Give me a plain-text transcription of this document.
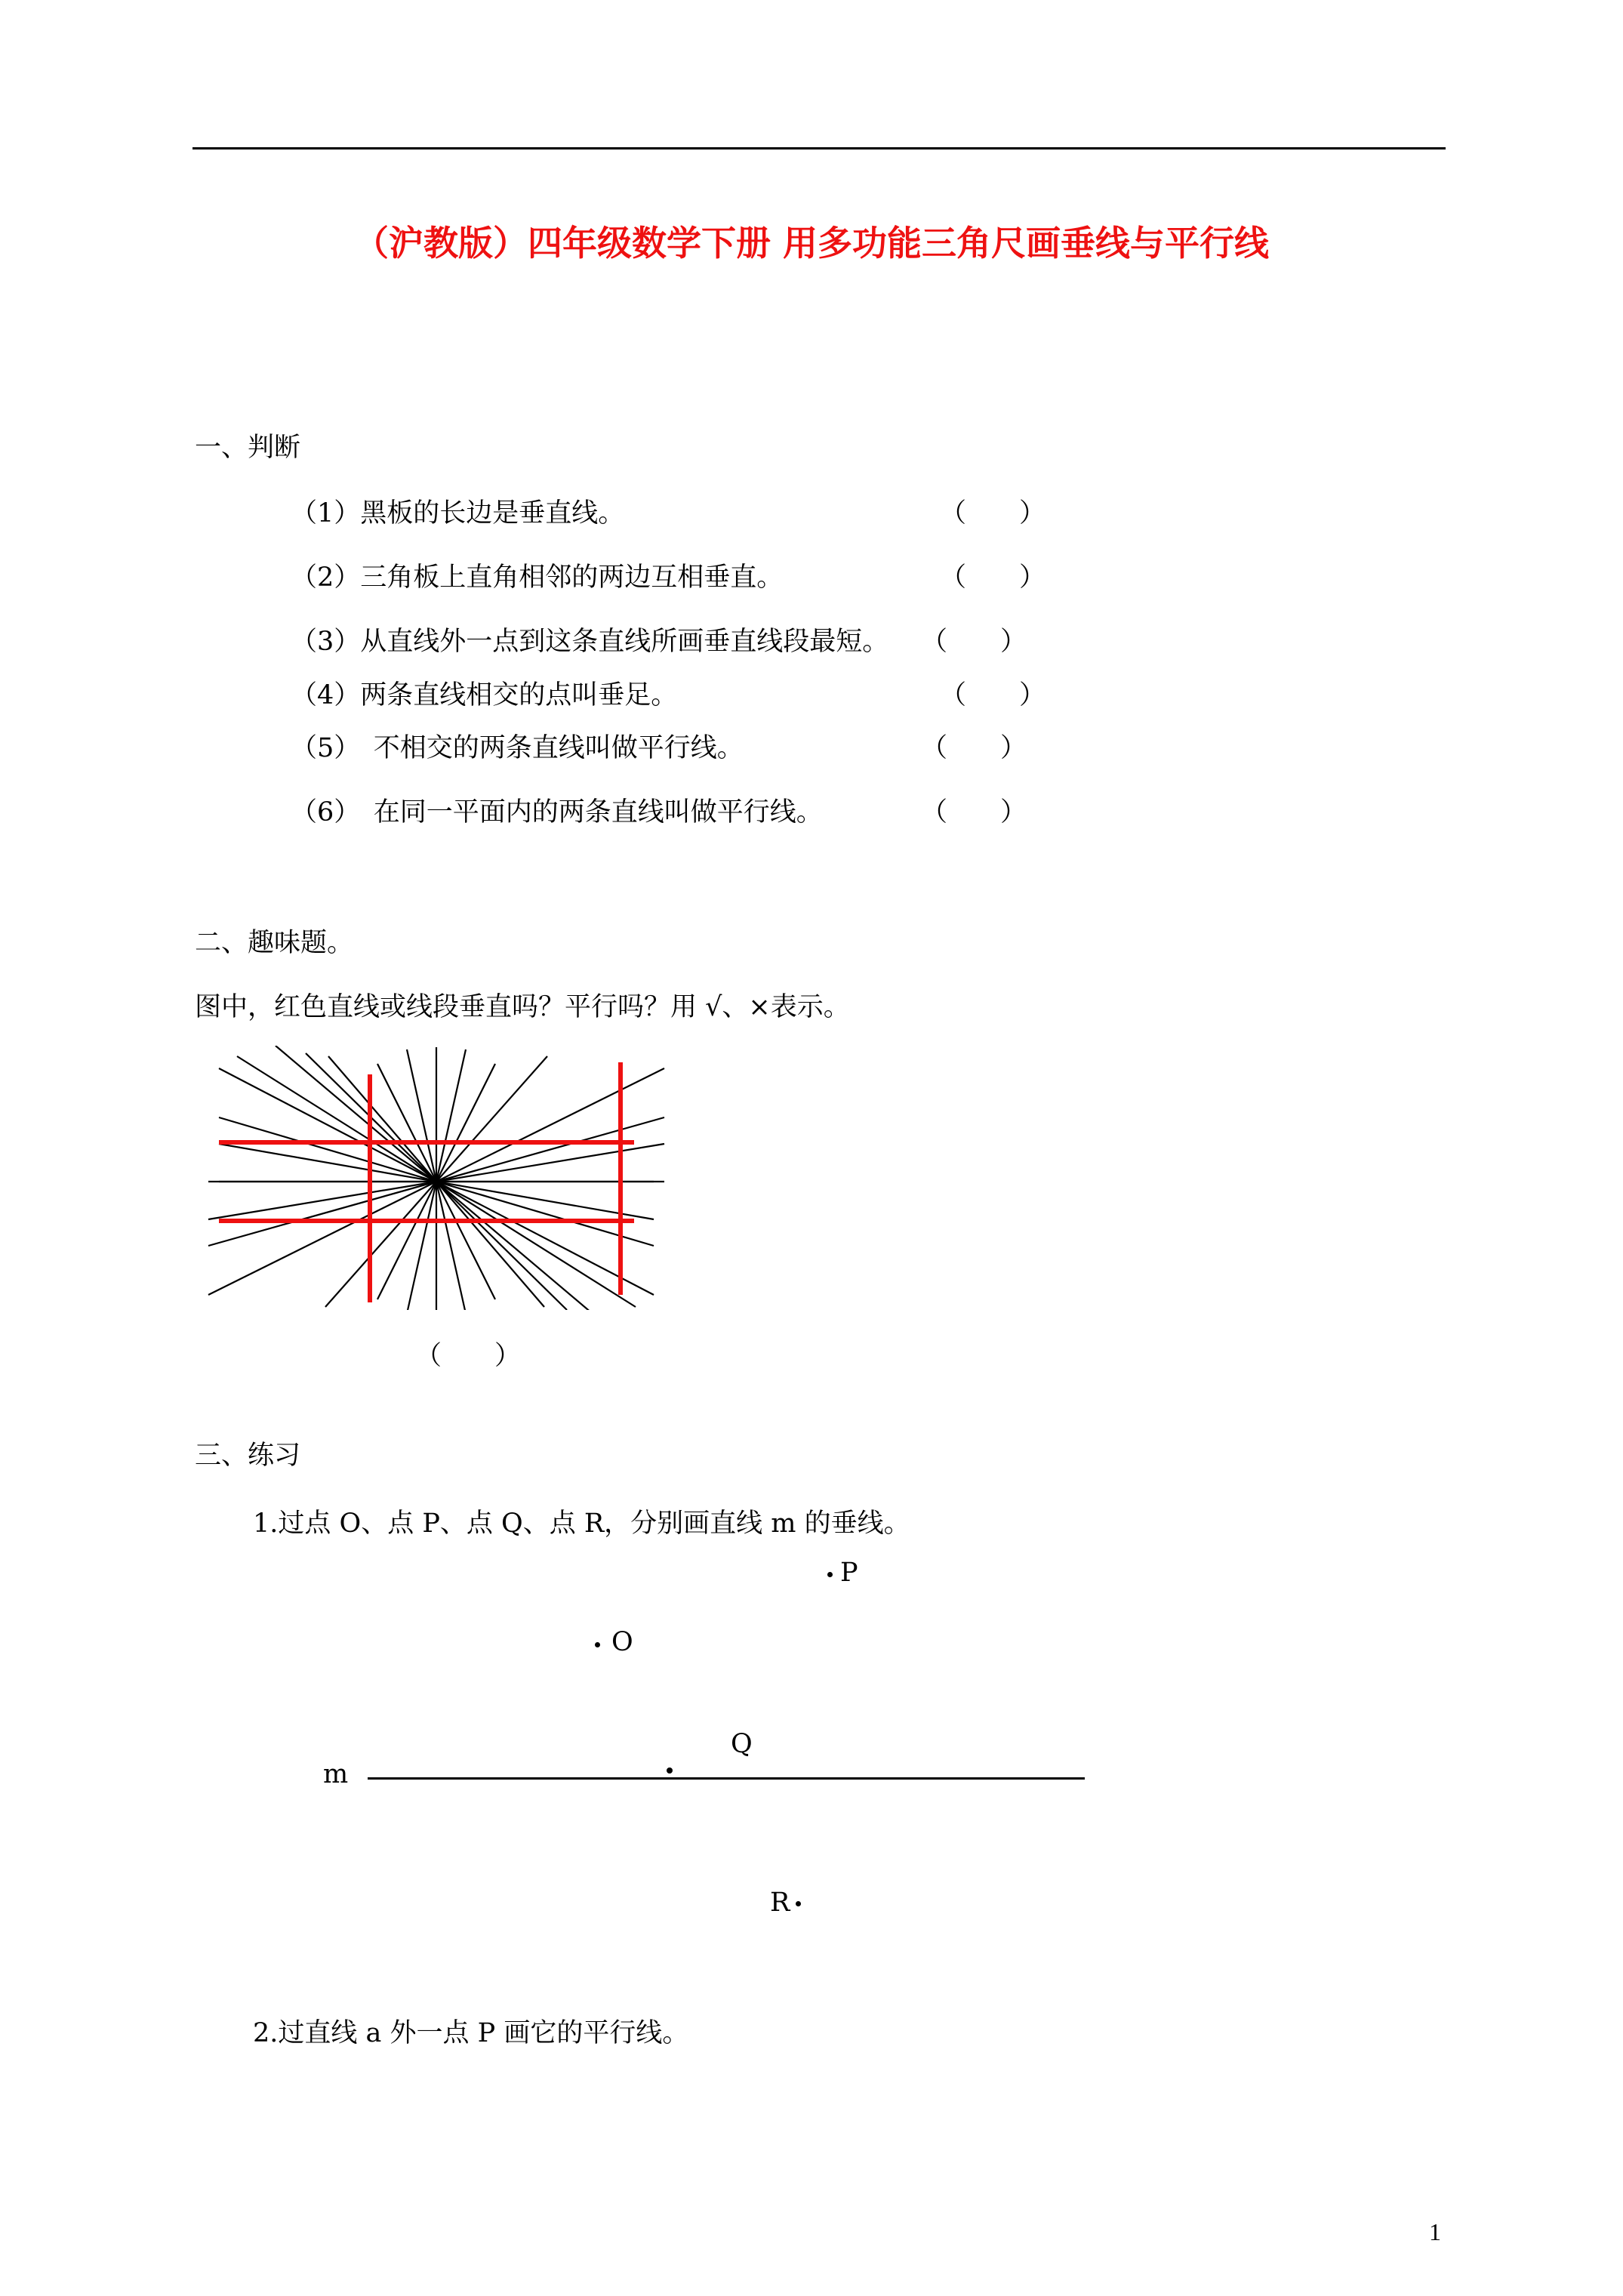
（沪教版）四年级数学下册 用多功能三角尺画垂线与平行线
一、判断
（1）黑板的长边是垂直线。	（　　）
（2）三角板上直角相邻的两边互相垂直。	（　　）
（3）从直线外一点到这条直线所画垂直线段最短。 （　　）
（4）两条直线相交的点叫垂足。	（　　）
（5）　不相交的两条直线叫做平行线。	（　　）
（6）　在同一平面内的两条直线叫做平行线。	（　　）
二、趣味题。
图中，红色直线或线段垂直吗？平行吗？用 √、×表示。
（　　）
三、练习
1.过点 O、点 P、点 Q、点 R，分别画直线 m 的垂线。
P
O
Q
m
R
2.过直线 a 外一点 P 画它的平行线。
1
